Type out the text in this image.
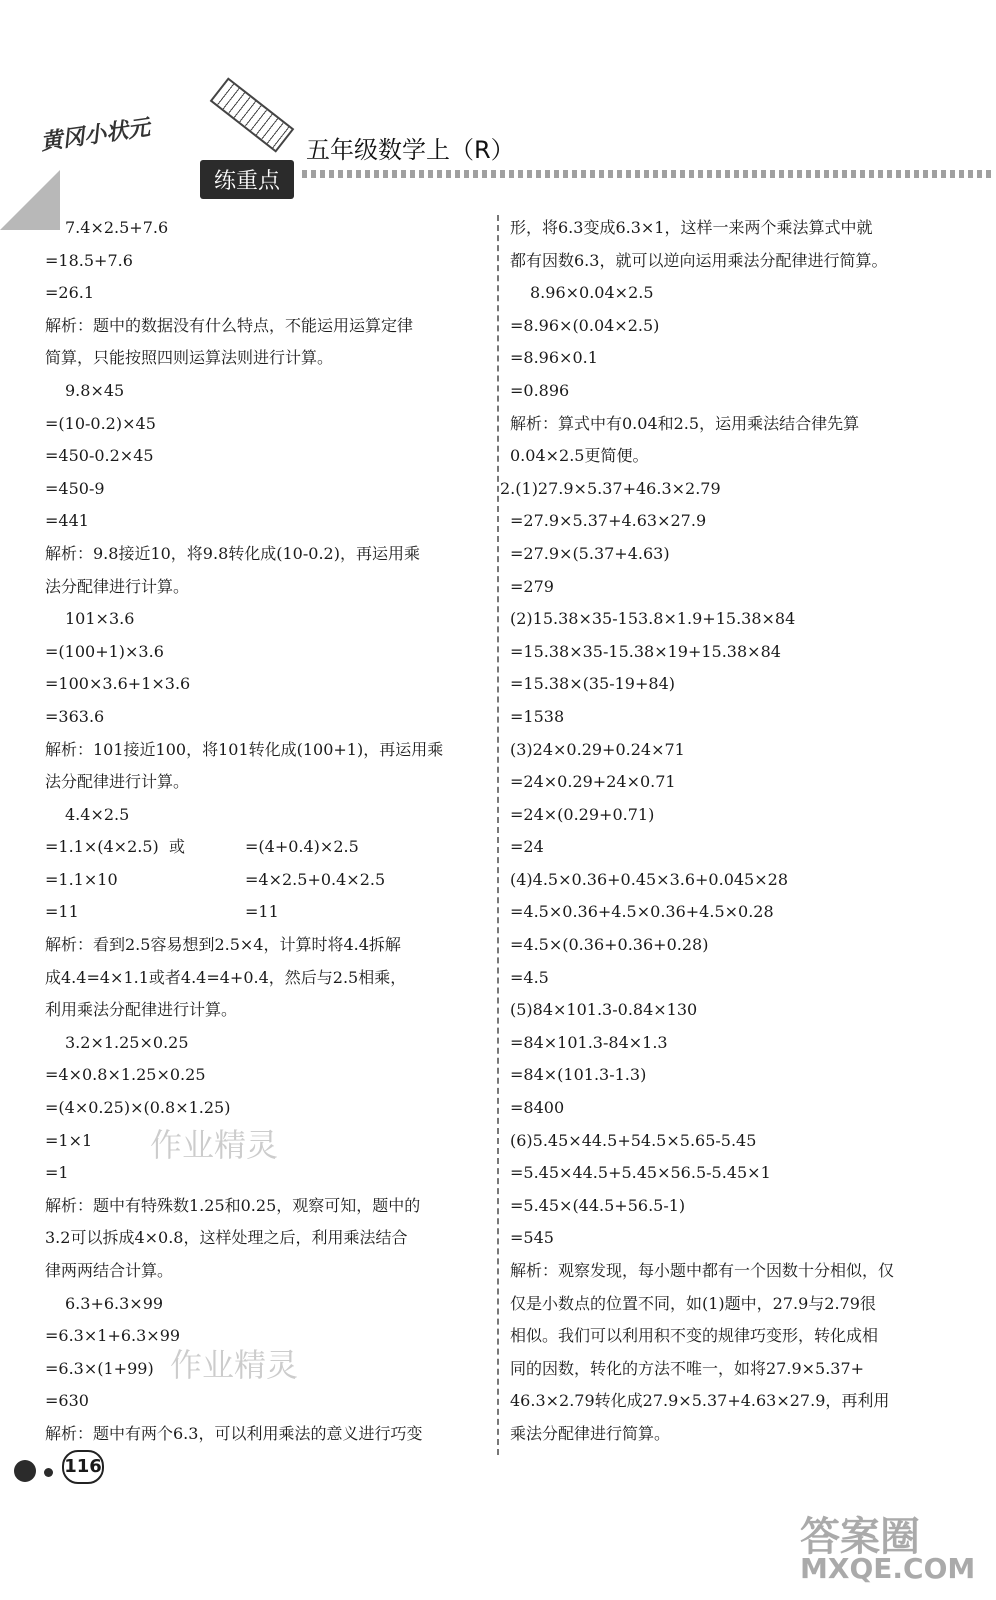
黄冈小状元	五年级数学上（R）
练重点
7.4×2.5+7.6
=18.5+7.6
=26.1
解析：题中的数据没有什么特点，不能运用运算定律
简算，只能按照四则运算法则进行计算。
9.8×45
=(10-0.2)×45
=450-0.2×45
=450-9
=441
解析：9.8接近10，将9.8转化成(10-0.2)，再运用乘
法分配律进行计算。
101×3.6
=(100+1)×3.6
=100×3.6+1×3.6
=363.6
解析：101接近100，将101转化成(100+1)，再运用乘
法分配律进行计算。
4.4×2.5
=1.1×(4×2.5)  或	=(4+0.4)×2.5
=1.1×10	=4×2.5+0.4×2.5
=11	=11
解析：看到2.5容易想到2.5×4，计算时将4.4拆解
成4.4=4×1.1或者4.4=4+0.4，然后与2.5相乘，
利用乘法分配律进行计算。
3.2×1.25×0.25
=4×0.8×1.25×0.25
=(4×0.25)×(0.8×1.25)
=1×1
=1
解析：题中有特殊数1.25和0.25，观察可知，题中的
3.2可以拆成4×0.8，这样处理之后，利用乘法结合
律两两结合计算。
6.3+6.3×99
=6.3×1+6.3×99
=6.3×(1+99)
=630
解析：题中有两个6.3，可以利用乘法的意义进行巧变
形，将6.3变成6.3×1，这样一来两个乘法算式中就
都有因数6.3，就可以逆向运用乘法分配律进行简算。
8.96×0.04×2.5
=8.96×(0.04×2.5)
=8.96×0.1
=0.896
解析：算式中有0.04和2.5，运用乘法结合律先算
0.04×2.5更简便。
2.(1)27.9×5.37+46.3×2.79
=27.9×5.37+4.63×27.9
=27.9×(5.37+4.63)
=279
(2)15.38×35-153.8×1.9+15.38×84
=15.38×35-15.38×19+15.38×84
=15.38×(35-19+84)
=1538
(3)24×0.29+0.24×71
=24×0.29+24×0.71
=24×(0.29+0.71)
=24
(4)4.5×0.36+0.45×3.6+0.045×28
=4.5×0.36+4.5×0.36+4.5×0.28
=4.5×(0.36+0.36+0.28)
=4.5
(5)84×101.3-0.84×130
=84×101.3-84×1.3
=84×(101.3-1.3)
=8400
(6)5.45×44.5+54.5×5.65-5.45
=5.45×44.5+5.45×56.5-5.45×1
=5.45×(44.5+56.5-1)
=545
解析：观察发现，每小题中都有一个因数十分相似，仅
仅是小数点的位置不同，如(1)题中，27.9与2.79很
相似。我们可以利用积不变的规律巧变形，转化成相
同的因数，转化的方法不唯一，如将27.9×5.37+
46.3×2.79转化成27.9×5.37+4.63×27.9，再利用
乘法分配律进行简算。
作业精灵
作业精灵
116
答案圈
MXQE.COM
